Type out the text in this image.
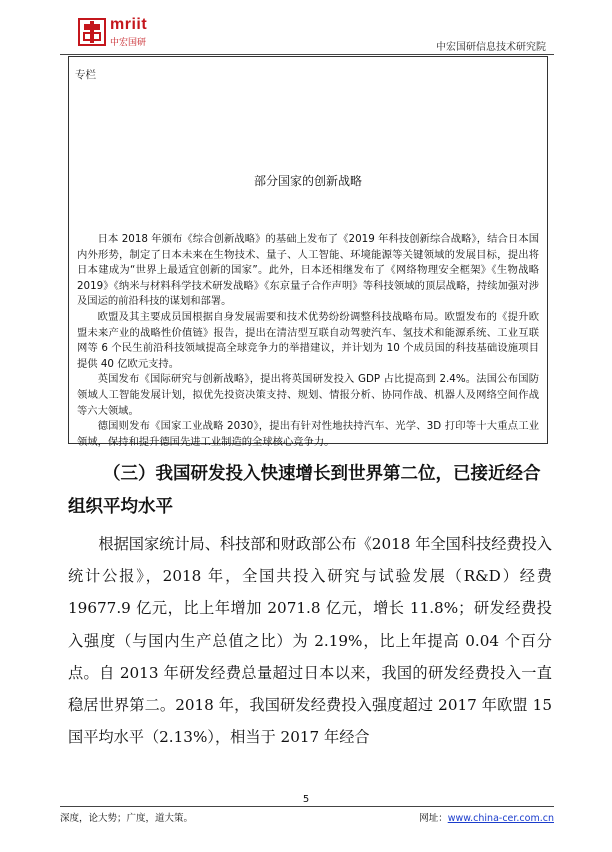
mriit
中宏国研	中宏国研信息技术研究院
专栏
部分国家的创新战略

日本 2018 年颁布《综合创新战略》的基础上发布了《2019 年科技创新综合战略》，结合日本国内外形势，制定了日本未来在生物技术、量子、人工智能、环境能源等关键领域的发展目标，提出将日本建成为“世界上最适宜创新的国家”。此外，日本还相继发布了《网络物理安全框架》《生物战略 2019》《纳米与材料科学技术研发战略》《东京量子合作声明》等科技领域的顶层战略，持续加强对涉及国运的前沿科技的谋划和部署。

欧盟及其主要成员国根据自身发展需要和技术优势纷纷调整科技战略布局。欧盟发布的《提升欧盟未来产业的战略性价值链》报告，提出在清洁型互联自动驾驶汽车、氢技术和能源系统、工业互联网等 6 个民生前沿科技领域提高全球竞争力的举措建议，并计划为 10 个成员国的科技基础设施项目提供 40 亿欧元支持。

英国发布《国际研究与创新战略》，提出将英国研发投入 GDP 占比提高到 2.4%。法国公布国防领域人工智能发展计划，拟优先投资决策支持、规划、情报分析、协同作战、机器人及网络空间作战等六大领域。

德国则发布《国家工业战略 2030》，提出有针对性地扶持汽车、光学、3D 打印等十大重点工业领域，保持和提升德国先进工业制造的全球核心竞争力。

（三）我国研发投入快速增长到世界第二位，已接近经合组织平均水平

根据国家统计局、科技部和财政部公布《2018 年全国科技经费投入统计公报》，2018 年，全国共投入研究与试验发展（R&D）经费 19677.9 亿元，比上年增加 2071.8 亿元，增长 11.8%；研发经费投入强度（与国内生产总值之比）为 2.19%，比上年提高 0.04 个百分点。自 2013 年研发经费总量超过日本以来，我国的研发经费投入一直稳居世界第二。2018 年，我国研发经费投入强度超过 2017 年欧盟 15 国平均水平（2.13%），相当于 2017 年经合

5
深度，论大势；广度，道大策。	网址：www.china-cer.com.cn
